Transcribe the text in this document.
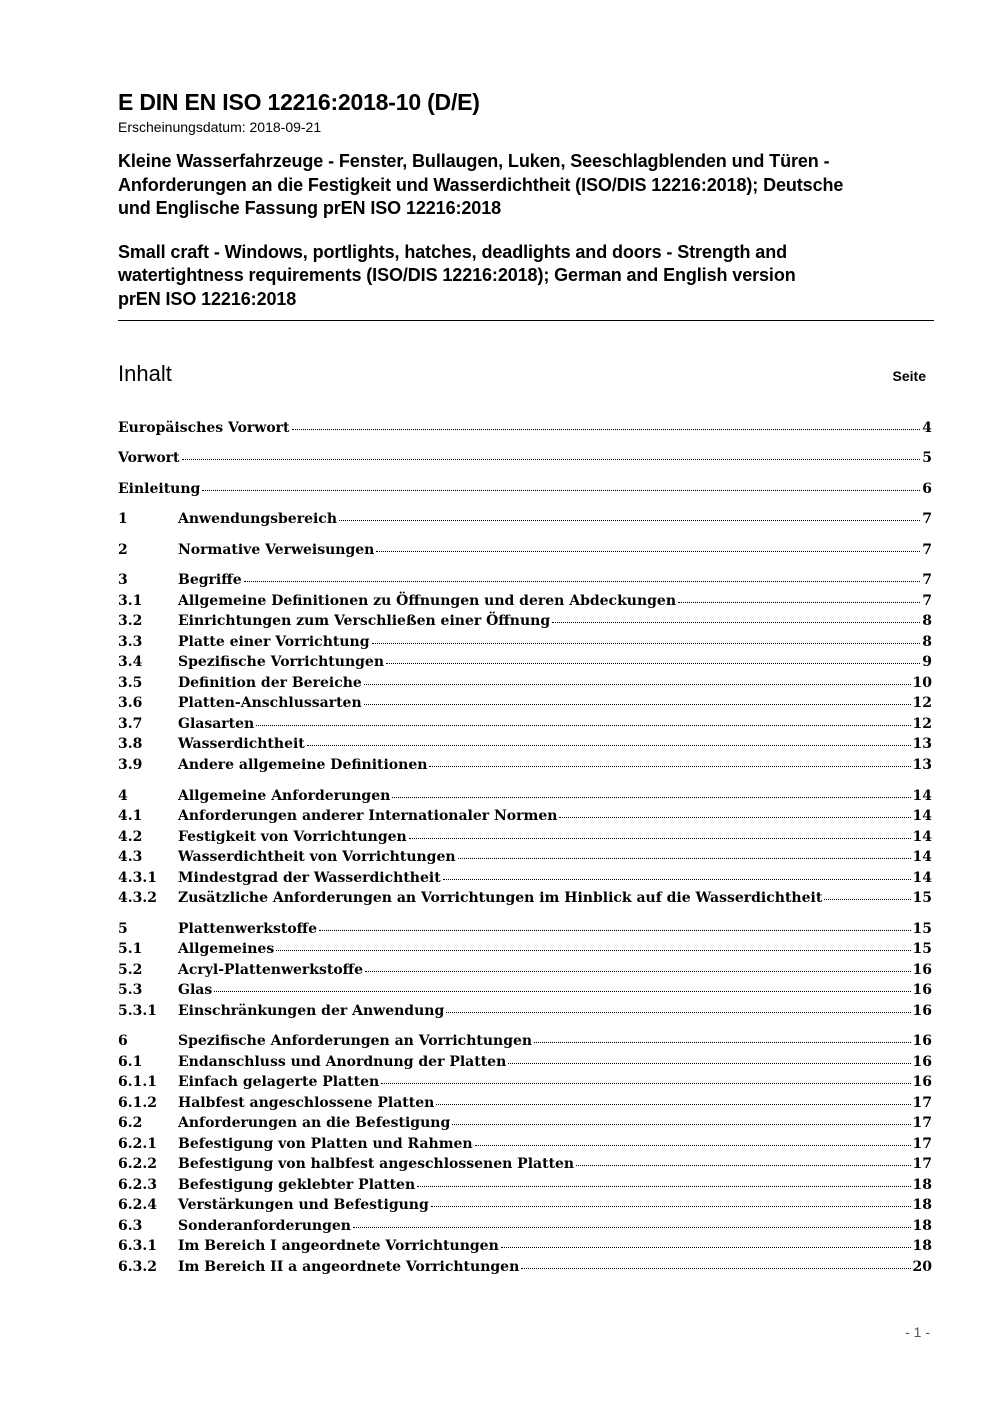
E DIN EN ISO 12216:2018-10 (D/E)
Erscheinungsdatum: 2018-09-21
Kleine Wasserfahrzeuge - Fenster, Bullaugen, Luken, Seeschlagblenden und Türen -
Anforderungen an die Festigkeit und Wasserdichtheit (ISO/DIS 12216:2018); Deutsche
und Englische Fassung prEN ISO 12216:2018
Small craft - Windows, portlights, hatches, deadlights and doors - Strength and
watertightness requirements (ISO/DIS 12216:2018); German and English version
prEN ISO 12216:2018
Inhalt	Seite
Europäisches Vorwort	4
Vorwort	5
Einleitung	6
1	Anwendungsbereich	7
2	Normative Verweisungen	7
3	Begriffe	7
3.1	Allgemeine Definitionen zu Öffnungen und deren Abdeckungen	7
3.2	Einrichtungen zum Verschließen einer Öffnung	8
3.3	Platte einer Vorrichtung	8
3.4	Spezifische Vorrichtungen	9
3.5	Definition der Bereiche	10
3.6	Platten-Anschlussarten	12
3.7	Glasarten	12
3.8	Wasserdichtheit	13
3.9	Andere allgemeine Definitionen	13
4	Allgemeine Anforderungen	14
4.1	Anforderungen anderer Internationaler Normen	14
4.2	Festigkeit von Vorrichtungen	14
4.3	Wasserdichtheit von Vorrichtungen	14
4.3.1	Mindestgrad der Wasserdichtheit	14
4.3.2	Zusätzliche Anforderungen an Vorrichtungen im Hinblick auf die Wasserdichtheit	15
5	Plattenwerkstoffe	15
5.1	Allgemeines	15
5.2	Acryl-Plattenwerkstoffe	16
5.3	Glas	16
5.3.1	Einschränkungen der Anwendung	16
6	Spezifische Anforderungen an Vorrichtungen	16
6.1	Endanschluss und Anordnung der Platten	16
6.1.1	Einfach gelagerte Platten	16
6.1.2	Halbfest angeschlossene Platten	17
6.2	Anforderungen an die Befestigung	17
6.2.1	Befestigung von Platten und Rahmen	17
6.2.2	Befestigung von halbfest angeschlossenen Platten	17
6.2.3	Befestigung geklebter Platten	18
6.2.4	Verstärkungen und Befestigung	18
6.3	Sonderanforderungen	18
6.3.1	Im Bereich I angeordnete Vorrichtungen	18
6.3.2	Im Bereich II a angeordnete Vorrichtungen	20
- 1 -
